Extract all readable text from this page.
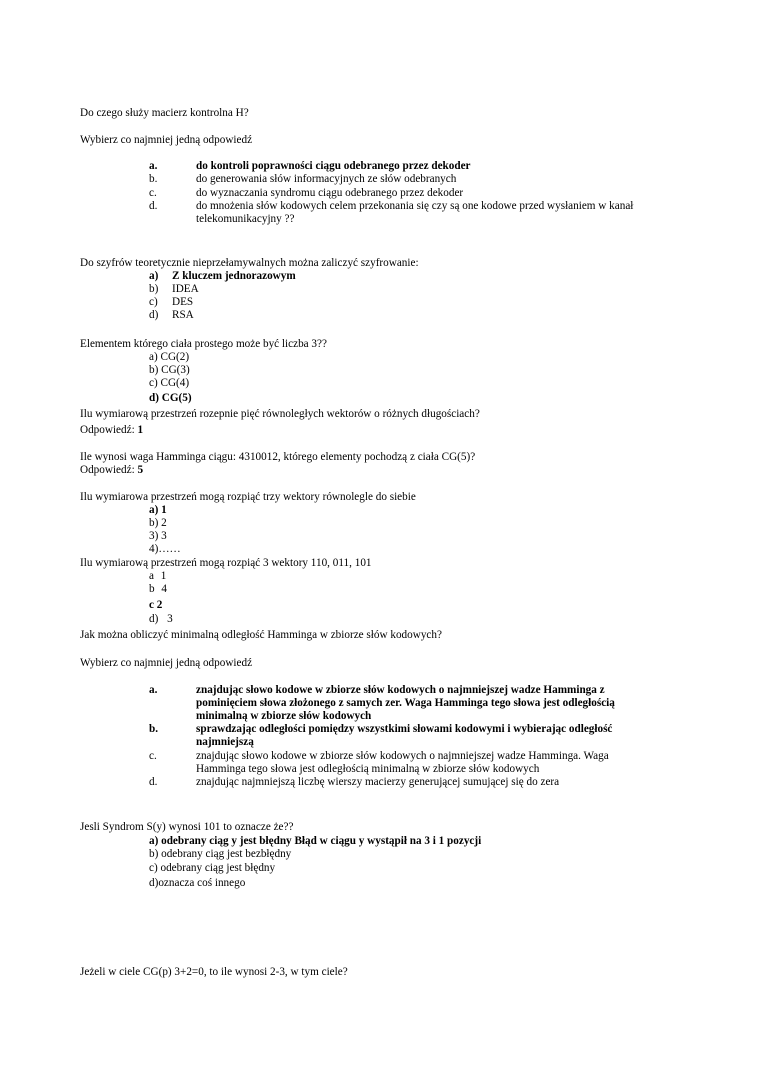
Do czego służy macierz kontrolna H?
Wybierz co najmniej jedną odpowiedź
a.	do kontroli poprawności ciągu odebranego przez dekoder
b.	do generowania słów informacyjnych ze słów odebranych
c.	do wyznaczania syndromu ciągu odebranego przez dekoder
d.	do mnożenia słów kodowych celem przekonania się czy są one kodowe przed wysłaniem w kanał
telekomunikacyjny ??
Do szyfrów teoretycznie nieprzełamywalnych można zaliczyć szyfrowanie:
a) Z kluczem jednorazowym
b) IDEA
c) DES
d) RSA
Elementem którego ciała prostego może być liczba 3??
a) CG(2)
b) CG(3)
c) CG(4)
d) CG(5)
Ilu wymiarową przestrzeń rozepnie pięć równoległych wektorów o różnych długościach?
Odpowiedź: 1
Ile wynosi waga Hamminga ciągu: 4310012, którego elementy pochodzą z ciała CG(5)?
Odpowiedź: 5
Ilu wymiarowa przestrzeń mogą rozpiąć trzy wektory równolegle do siebie
a) 1
b) 2
3) 3
4)……
Ilu wymiarową przestrzeń mogą rozpiąć 3 wektory 110, 011, 101
a 1
b 4
c 2
d) 3
Jak można obliczyć minimalną odległość Hamminga w zbiorze słów kodowych?
Wybierz co najmniej jedną odpowiedź
a.	znajdując słowo kodowe w zbiorze słów kodowych o najmniejszej wadze Hamminga z
pominięciem słowa złożonego z samych zer. Waga Hamminga tego słowa jest odległością
minimalną w zbiorze słów kodowych
b.	sprawdzając odległości pomiędzy wszystkimi słowami kodowymi i wybierając odległość
najmniejszą
c.	znajdując słowo kodowe w zbiorze słów kodowych o najmniejszej wadze Hamminga. Waga
Hamminga tego słowa jest odległością minimalną w zbiorze słów kodowych
d.	znajdując najmniejszą liczbę wierszy macierzy generującej sumującej się do zera
Jesli Syndrom S(y) wynosi 101 to oznacze że??
a) odebrany ciąg y jest błędny Błąd w ciągu y wystąpił na 3 i 1 pozycji
b) odebrany ciąg jest bezbłędny
c) odebrany ciąg jest błędny
d)oznacza coś innego
Jeżeli w ciele CG(p) 3+2=0, to ile wynosi 2-3, w tym ciele?
